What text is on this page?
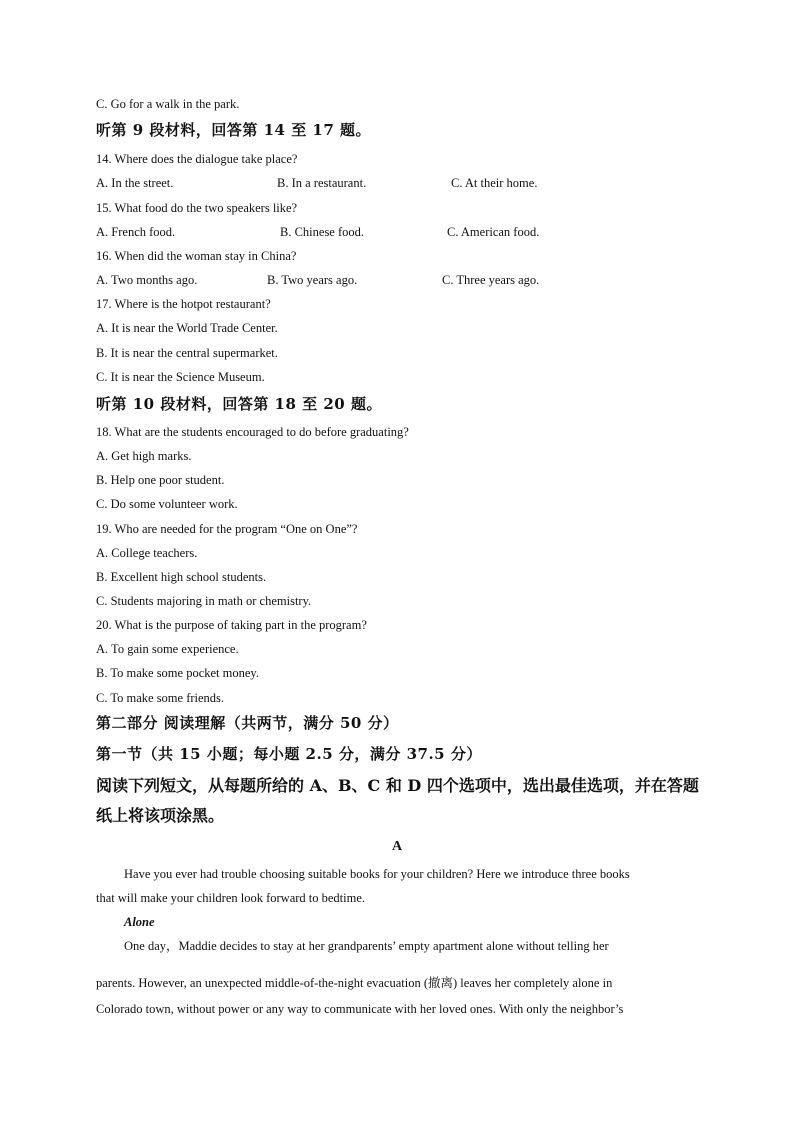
C. Go for a walk in the park.
听第 9 段材料，回答第 14 至 17 题。
14. Where does the dialogue take place?
A. In the street.	B. In a restaurant.	C. At their home.
15. What food do the two speakers like?
A. French food.	B. Chinese food.	C. American food.
16. When did the woman stay in China?
A. Two months ago.	B. Two years ago.	C. Three years ago.
17. Where is the hotpot restaurant?
A. It is near the World Trade Center.
B. It is near the central supermarket.
C. It is near the Science Museum.
听第 10 段材料，回答第 18 至 20 题。
18. What are the students encouraged to do before graduating?
A. Get high marks.
B. Help one poor student.
C. Do some volunteer work.
19. Who are needed for the program “One on One”?
A. College teachers.
B. Excellent high school students.
C. Students majoring in math or chemistry.
20. What is the purpose of taking part in the program?
A. To gain some experience.
B. To make some pocket money.
C. To make some friends.
第二部分 阅读理解（共两节，满分 50 分）
第一节（共 15 小题；每小题 2.5 分，满分 37.5 分）
阅读下列短文，从每题所给的 A、B、C 和 D 四个选项中，选出最佳选项，并在答题
纸上将该项涂黑。
A
Have you ever had trouble choosing suitable books for your children? Here we introduce three books
that will make your children look forward to bedtime.
Alone
One day，Maddie decides to stay at her grandparents’ empty apartment alone without telling her
parents. However, an unexpected middle-of-the-night evacuation (撤离) leaves her completely alone in
Colorado town, without power or any way to communicate with her loved ones. With only the neighbor’s
